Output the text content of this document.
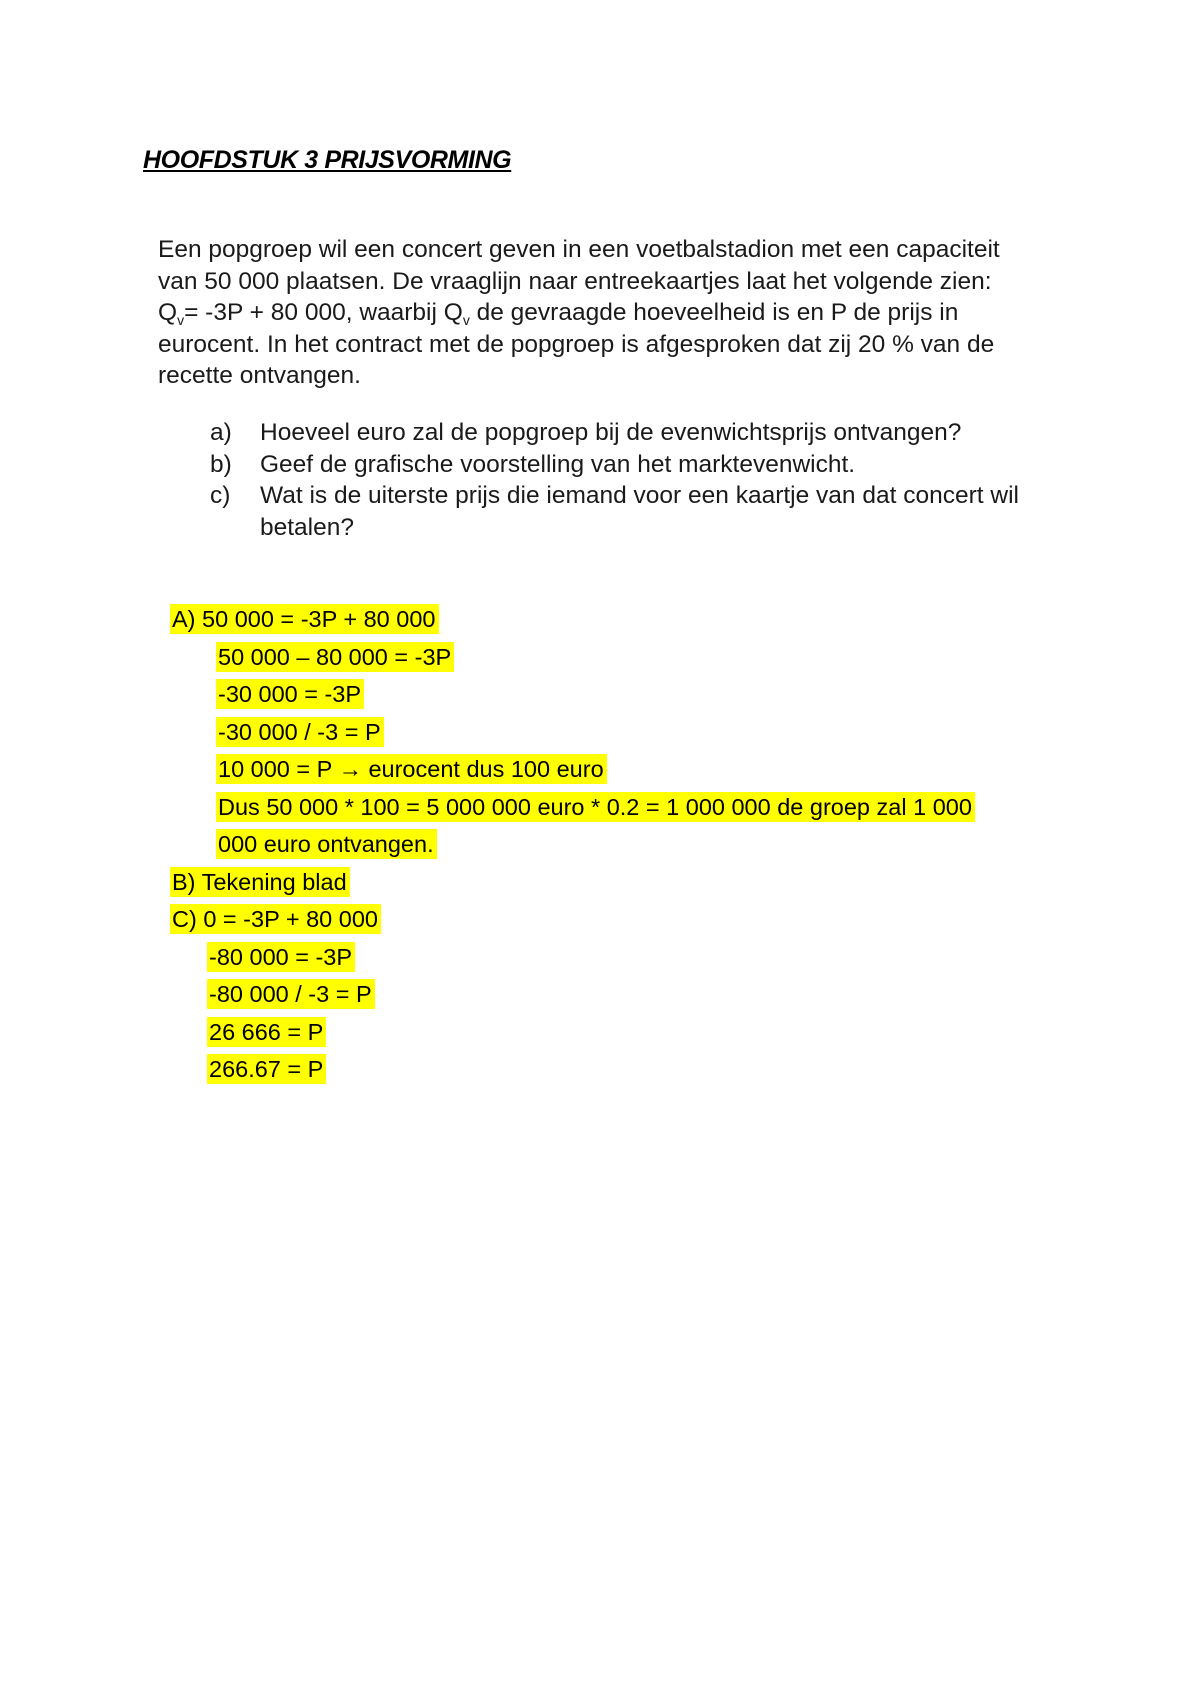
HOOFDSTUK 3 PRIJSVORMING
Een popgroep wil een concert geven in een voetbalstadion met een capaciteit
van 50 000 plaatsen. De vraaglijn naar entreekaartjes laat het volgende zien:
$Q_v= -3P + 80$ 000, waarbij $Q_v$ de gevraagde hoeveelheid is en P de prijs in
eurocent. In het contract met de popgroep is afgesproken dat zij 20 % van de
recette ontvangen.
a) Hoeveel euro zal de popgroep bij de evenwichtsprijs ontvangen?
b) Geef de grafische voorstelling van het marktevenwicht.
c) Wat is de uiterste prijs die iemand voor een kaartje van dat concert wil
betalen?
A) 50 000 = -3P + 80 000
50 000 – 80 000 = -3P
-30 000 = -3P
-30 000 / -3 = P
10 000 = P → eurocent dus 100 euro
Dus 50 000 * 100 = 5 000 000 euro * 0.2 = 1 000 000 de groep zal 1 000
000 euro ontvangen.
B) Tekening blad
C) 0 = -3P + 80 000
-80 000 = -3P
-80 000 / -3 = P
26 666 = P
266.67 = P
